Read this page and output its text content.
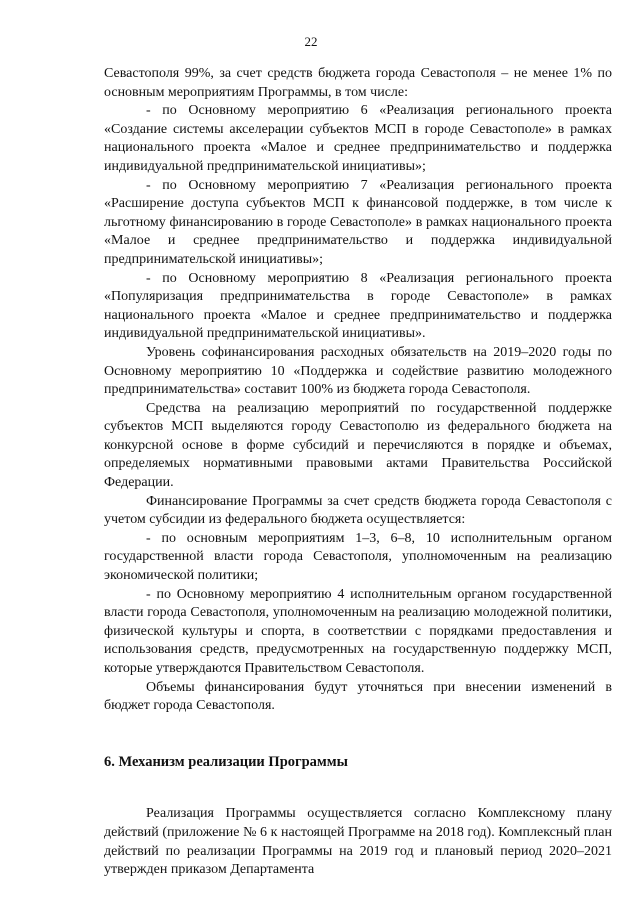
22

Севастополя 99%, за счет средств бюджета города Севастополя – не менее 1% по основным мероприятиям Программы, в том числе:

- по Основному мероприятию 6 «Реализация регионального проекта «Создание системы акселерации субъектов МСП в городе Севастополе» в рамках национального проекта «Малое и среднее предпринимательство и поддержка индивидуальной предпринимательской инициативы»;

- по Основному мероприятию 7 «Реализация регионального проекта «Расширение доступа субъектов МСП к финансовой поддержке, в том числе к льготному финансированию в городе Севастополе» в рамках национального проекта «Малое и среднее предпринимательство и поддержка индивидуальной предпринимательской инициативы»;

- по Основному мероприятию 8 «Реализация регионального проекта «Популяризация предпринимательства в городе Севастополе» в рамках национального проекта «Малое и среднее предпринимательство и поддержка индивидуальной предпринимательской инициативы».

Уровень софинансирования расходных обязательств на 2019–2020 годы по Основному мероприятию 10 «Поддержка и содействие развитию молодежного предпринимательства» составит 100% из бюджета города Севастополя.

Средства на реализацию мероприятий по государственной поддержке субъектов МСП выделяются городу Севастополю из федерального бюджета на конкурсной основе в форме субсидий и перечисляются в порядке и объемах, определяемых нормативными правовыми актами Правительства Российской Федерации.

Финансирование Программы за счет средств бюджета города Севастополя с учетом субсидии из федерального бюджета осуществляется:

- по основным мероприятиям 1–3, 6–8, 10 исполнительным органом государственной власти города Севастополя, уполномоченным на реализацию экономической политики;

- по Основному мероприятию 4 исполнительным органом государственной власти города Севастополя, уполномоченным на реализацию молодежной политики, физической культуры и спорта, в соответствии с порядками предоставления и использования средств, предусмотренных на государственную поддержку МСП, которые утверждаются Правительством Севастополя.

Объемы финансирования будут уточняться при внесении изменений в бюджет города Севастополя.

6. Механизм реализации Программы

Реализация Программы осуществляется согласно Комплексному плану действий (приложение № 6 к настоящей Программе на 2018 год). Комплексный план действий по реализации Программы на 2019 год и плановый период 2020–2021 утвержден приказом Департамента
